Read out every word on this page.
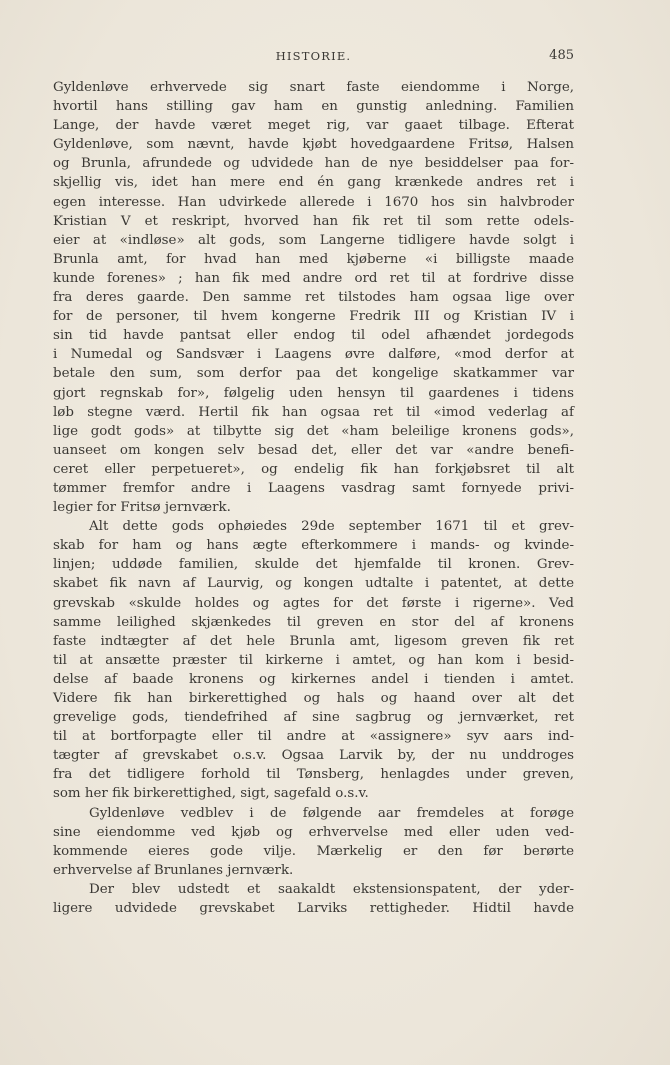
HISTORIE.	485
Gyldenløve erhvervede sig snart faste eiendomme i Norge,
hvortil hans stilling gav ham en gunstig anledning. Familien
Lange, der havde været meget rig, var gaaet tilbage. Efterat
Gyldenløve, som nævnt, havde kjøbt hovedgaardene Fritsø, Halsen
og Brunla, afrundede og udvidede han de nye besiddelser paa for-
skjellig vis, idet han mere end én gang krænkede andres ret i
egen interesse. Han udvirkede allerede i 1670 hos sin halvbroder
Kristian V et reskript, hvorved han fik ret til som rette odels-
eier at «indløse» alt gods, som Langerne tidligere havde solgt i
Brunla amt, for hvad han med kjøberne «i billigste maade
kunde forenes» ; han fik med andre ord ret til at fordrive disse
fra deres gaarde. Den samme ret tilstodes ham ogsaa lige over
for de personer, til hvem kongerne Fredrik III og Kristian IV i
sin tid havde pantsat eller endog til odel afhændet jordegods
i Numedal og Sandsvær i Laagens øvre dalføre, «mod derfor at
betale den sum, som derfor paa det kongelige skatkammer var
gjort regnskab for», følgelig uden hensyn til gaardenes i tidens
løb stegne værd. Hertil fik han ogsaa ret til «imod vederlag af
lige godt gods» at tilbytte sig det «ham beleilige kronens gods»,
uanseet om kongen selv besad det, eller det var «andre benefi-
ceret eller perpetueret», og endelig fik han forkjøbsret til alt
tømmer fremfor andre i Laagens vasdrag samt fornyede privi-
legier for Fritsø jernværk.
Alt dette gods ophøiedes 29de september 1671 til et grev-
skab for ham og hans ægte efterkommere i mands- og kvinde-
linjen; uddøde familien, skulde det hjemfalde til kronen. Grev-
skabet fik navn af Laurvig, og kongen udtalte i patentet, at dette
grevskab «skulde holdes og agtes for det første i rigerne». Ved
samme leilighed skjænkedes til greven en stor del af kronens
faste indtægter af det hele Brunla amt, ligesom greven fik ret
til at ansætte præster til kirkerne i amtet, og han kom i besid-
delse af baade kronens og kirkernes andel i tienden i amtet.
Videre fik han birkerettighed og hals og haand over alt det
grevelige gods, tiendefrihed af sine sagbrug og jernværket, ret
til at bortforpagte eller til andre at «assignere» syv aars ind-
tægter af grevskabet o.s.v. Ogsaa Larvik by, der nu unddroges
fra det tidligere forhold til Tønsberg, henlagdes under greven,
som her fik birkerettighed, sigt, sagefald o.s.v.
Gyldenløve vedblev i de følgende aar fremdeles at forøge
sine eiendomme ved kjøb og erhvervelse med eller uden ved-
kommende eieres gode vilje. Mærkelig er den før berørte
erhvervelse af Brunlanes jernværk.
Der blev udstedt et saakaldt ekstensionspatent, der yder-
ligere udvidede grevskabet Larviks rettigheder. Hidtil havde
